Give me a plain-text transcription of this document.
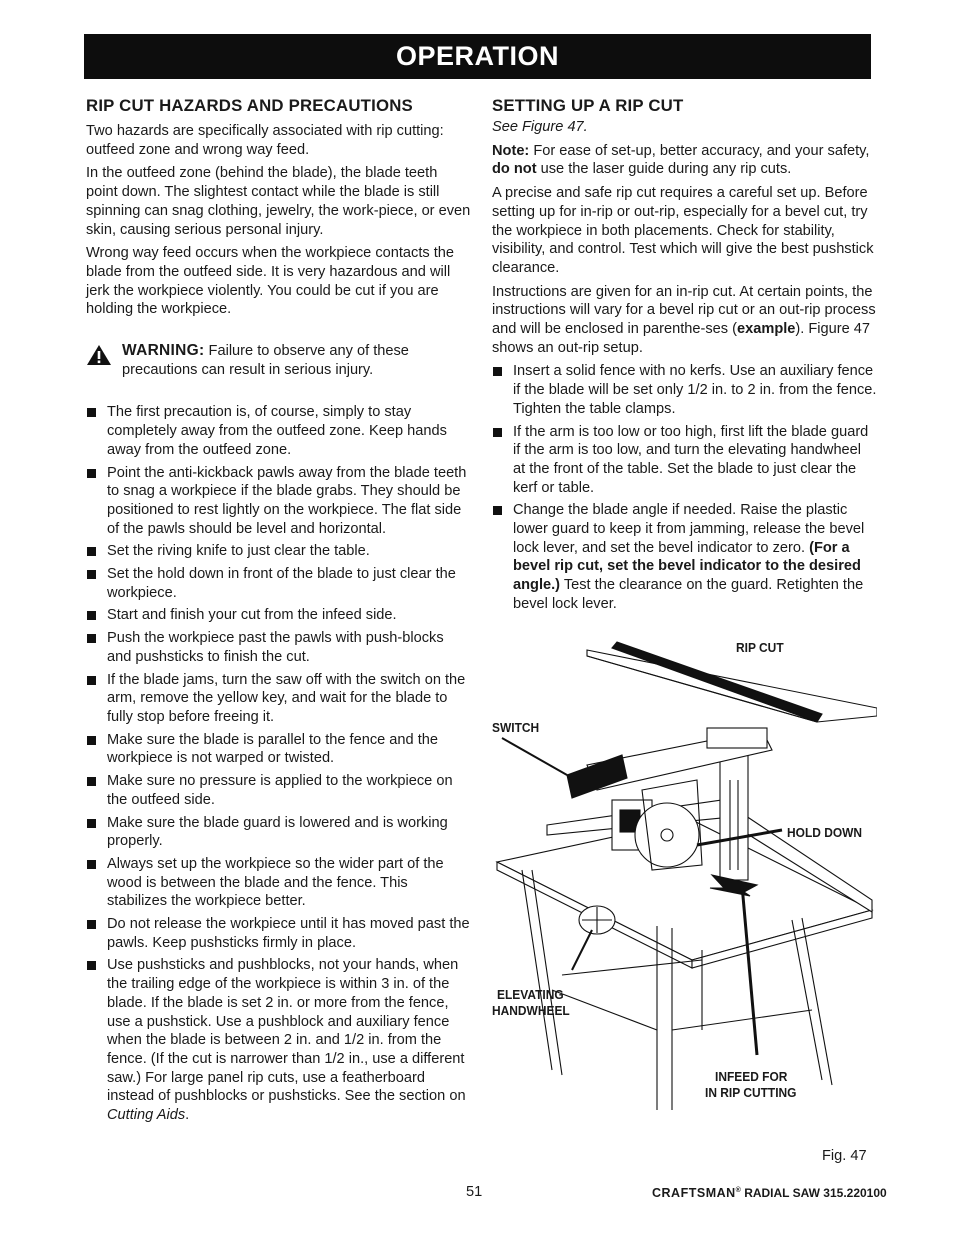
OPERATION
RIP CUT HAZARDS AND PRECAUTIONS

Two hazards are specifically associated with rip cutting: outfeed zone and wrong way feed.

In the outfeed zone (behind the blade), the blade teeth point down. The slightest contact while the blade is still spinning can snag clothing, jewelry, the work-piece, or even skin, causing serious personal injury.

Wrong way feed occurs when the workpiece contacts the blade from the outfeed side. It is very hazardous and will jerk the workpiece violently. You could be cut if you are holding the workpiece.

WARNING: Failure to observe any of these precautions can result in serious injury.
The first precaution is, of course, simply to stay completely away from the outfeed zone. Keep hands away from the outfeed zone.
Point the anti-kickback pawls away from the blade teeth to snag a workpiece if the blade grabs. They should be positioned to rest lightly on the workpiece. The flat side of the pawls should be level and horizontal.
Set the riving knife to just clear the table.
Set the hold down in front of the blade to just clear the workpiece.
Start and finish your cut from the infeed side.
Push the workpiece past the pawls with push-blocks and pushsticks to finish the cut.
If the blade jams, turn the saw off with the switch on the arm, remove the yellow key, and wait for the blade to fully stop before freeing it.
Make sure the blade is parallel to the fence and the workpiece is not warped or twisted.
Make sure no pressure is applied to the workpiece on the outfeed side.
Make sure the blade guard is lowered and is working properly.
Always set up the workpiece so the wider part of the wood is between the blade and the fence. This stabilizes the workpiece better.
Do not release the workpiece until it has moved past the pawls. Keep pushsticks firmly in place.
Use pushsticks and pushblocks, not your hands, when the trailing edge of the workpiece is within 3 in. of the blade. If the blade is set 2 in. or more from the fence, use a pushstick. Use a pushblock and auxiliary fence when the blade is between 2 in. and 1/2 in. from the fence. (If the cut is narrower than 1/2 in., use a different saw.) For large panel rip cuts, use a featherboard instead of pushblocks or pushsticks. See the section on Cutting Aids.
SETTING UP A RIP CUT

See Figure 47.

Note: For ease of set-up, better accuracy, and your safety, do not use the laser guide during any rip cuts.

A precise and safe rip cut requires a careful set up. Before setting up for in-rip or out-rip, especially for a bevel cut, try the workpiece in both placements. Check for stability, visibility, and control. Test which will give the best pushstick clearance.

Instructions are given for an in-rip cut. At certain points, the instructions will vary for a bevel rip cut or an out-rip process and will be enclosed in parenthe-ses (example). Figure 47 shows an out-rip setup.

Insert a solid fence with no kerfs. Use an auxiliary fence if the blade will be set only 1/2 in. to 2 in. from the fence. Tighten the table clamps.
If the arm is too low or too high, first lift the blade guard if the arm is too low, and turn the elevating handwheel at the front of the table. Set the blade to just clear the kerf or table.
Change the blade angle if needed. Raise the plastic lower guard to keep it from jamming, release the bevel lock lever, and set the bevel indicator to zero. (For a bevel rip cut, set the bevel indicator to the desired angle.) Test the clearance on the guard. Retighten the bevel lock lever.
RIP CUT
SWITCH
HOLD DOWN
ELEVATING
HANDWHEEL
INFEED FOR
IN RIP CUTTING
Fig. 47
51	CRAFTSMAN® RADIAL SAW 315.220100
